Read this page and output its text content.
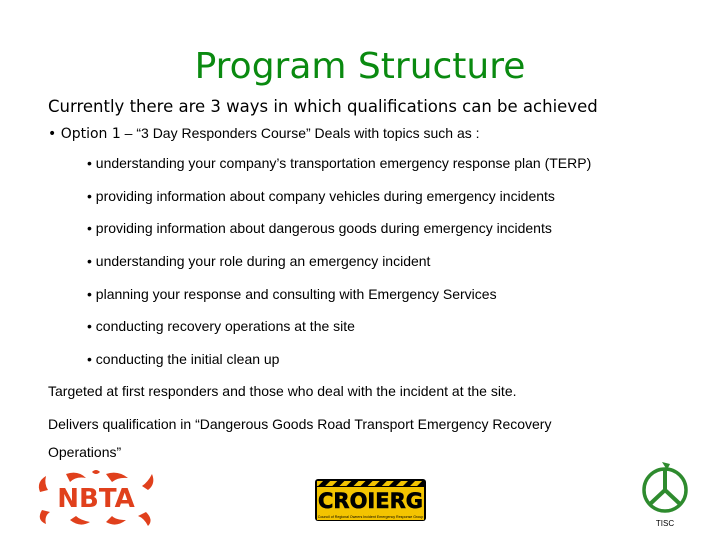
Program Structure
Currently there are 3 ways in which qualifications can be achieved
• Option 1 – “3 Day Responders Course” Deals with topics such as :
• understanding your company’s transportation emergency response plan (TERP)
• providing information about company vehicles during emergency incidents
• providing information about dangerous goods during emergency incidents
• understanding your role during an emergency incident
• planning your response and consulting with Emergency Services
• conducting recovery operations at the site
• conducting the initial clean up
Targeted at first responders and those who deal with the incident at the site.
Delivers qualification in “Dangerous Goods Road Transport Emergency Recovery
Operations”
NBTA	CROIERG
Council of Regional Owners Incident Emergency Response Group
TISC
